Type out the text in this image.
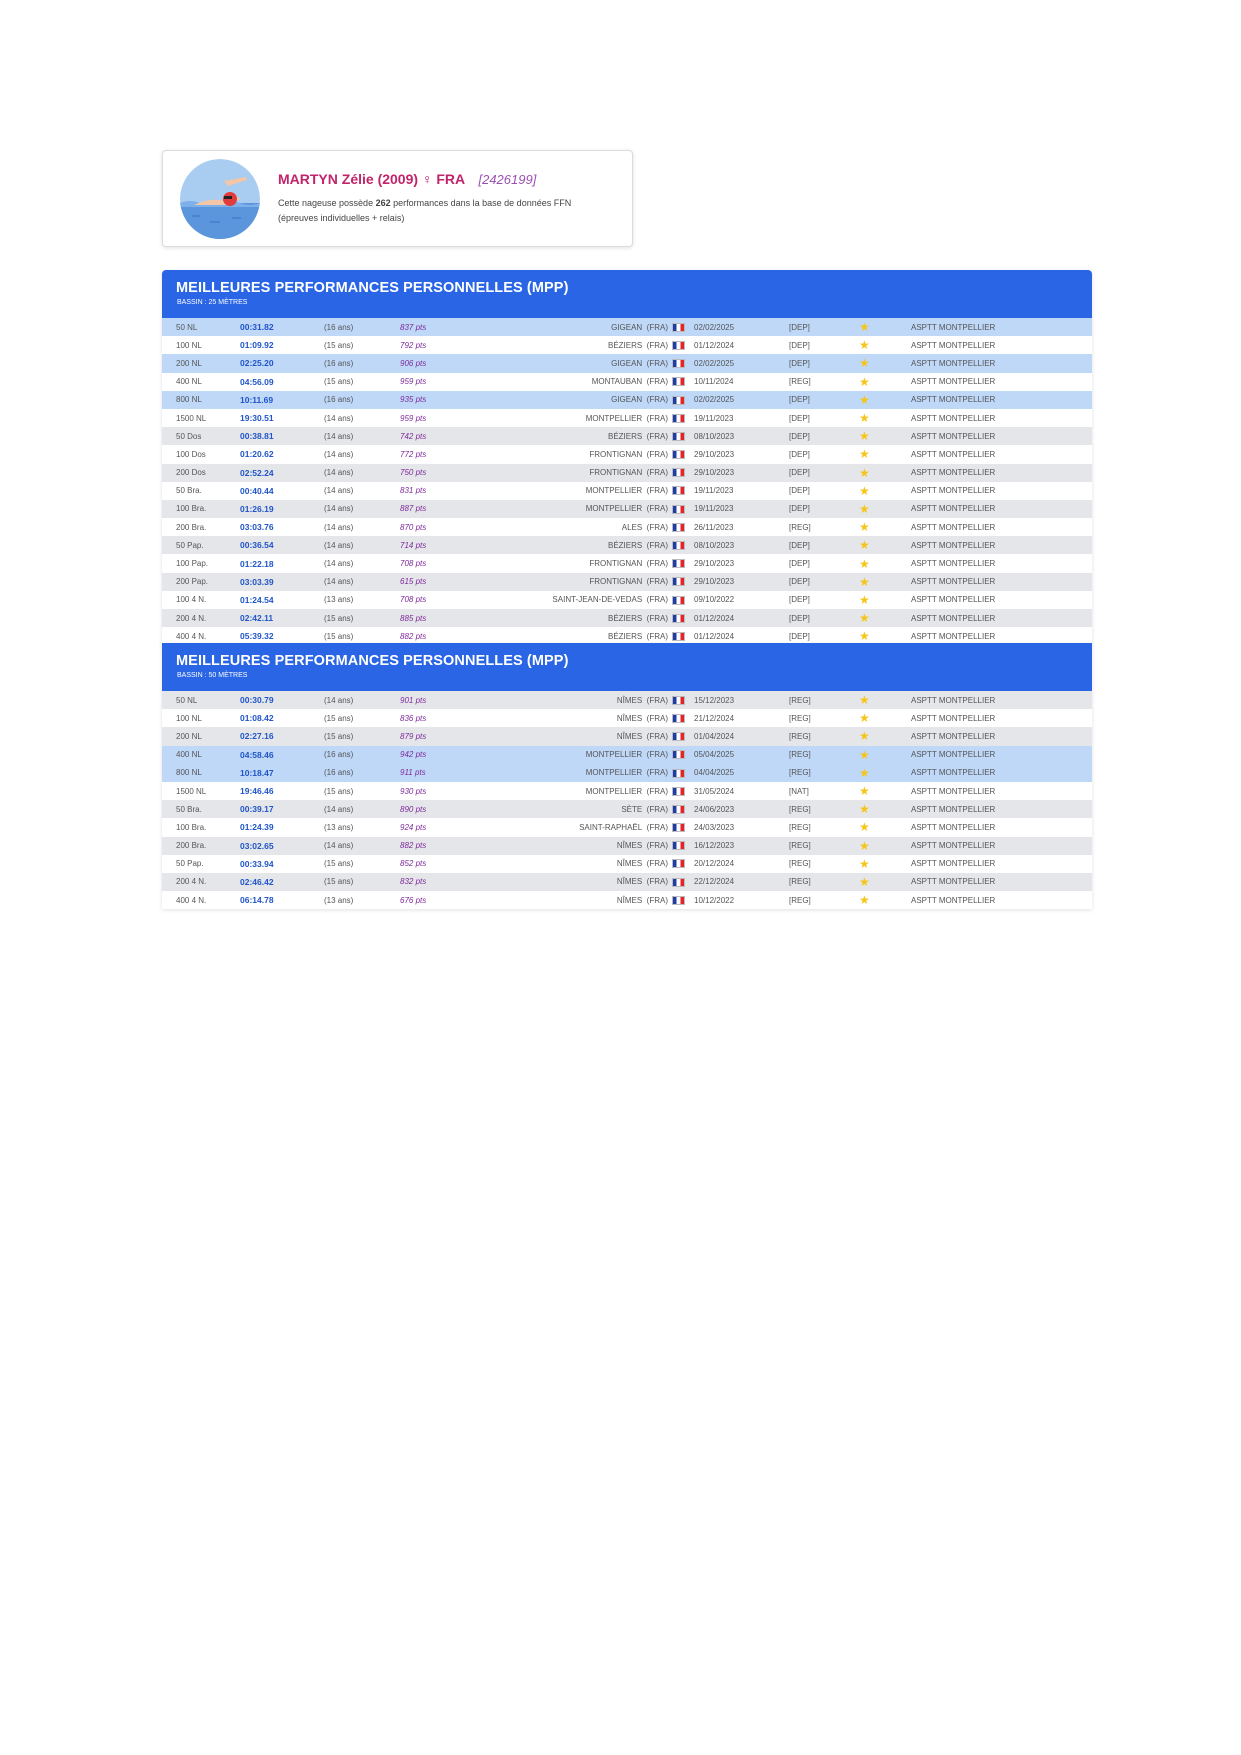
MARTYN Zélie (2009) ♀ FRA [2426199]
Cette nageuse possède 262 performances dans la base de données FFN
(épreuves individuelles + relais)
MEILLEURES PERFORMANCES PERSONNELLES (MPP)
BASSIN : 25 MÈTRES
50 NL	00:31.82	(16 ans)	837 pts	GIGEAN (FRA)		02/02/2025	[DEP]	★	ASPTT MONTPELLIER
100 NL	01:09.92	(15 ans)	792 pts	BÉZIERS (FRA)		01/12/2024	[DEP]	★	ASPTT MONTPELLIER
200 NL	02:25.20	(16 ans)	906 pts	GIGEAN (FRA)		02/02/2025	[DEP]	★	ASPTT MONTPELLIER
400 NL	04:56.09	(15 ans)	959 pts	MONTAUBAN (FRA)		10/11/2024	[REG]	★	ASPTT MONTPELLIER
800 NL	10:11.69	(16 ans)	935 pts	GIGEAN (FRA)		02/02/2025	[DEP]	★	ASPTT MONTPELLIER
1500 NL	19:30.51	(14 ans)	959 pts	MONTPELLIER (FRA)		19/11/2023	[DEP]	★	ASPTT MONTPELLIER
50 Dos	00:38.81	(14 ans)	742 pts	BÉZIERS (FRA)		08/10/2023	[DEP]	★	ASPTT MONTPELLIER
100 Dos	01:20.62	(14 ans)	772 pts	FRONTIGNAN (FRA)		29/10/2023	[DEP]	★	ASPTT MONTPELLIER
200 Dos	02:52.24	(14 ans)	750 pts	FRONTIGNAN (FRA)		29/10/2023	[DEP]	★	ASPTT MONTPELLIER
50 Bra.	00:40.44	(14 ans)	831 pts	MONTPELLIER (FRA)		19/11/2023	[DEP]	★	ASPTT MONTPELLIER
100 Bra.	01:26.19	(14 ans)	887 pts	MONTPELLIER (FRA)		19/11/2023	[DEP]	★	ASPTT MONTPELLIER
200 Bra.	03:03.76	(14 ans)	870 pts	ALES (FRA)		26/11/2023	[REG]	★	ASPTT MONTPELLIER
50 Pap.	00:36.54	(14 ans)	714 pts	BÉZIERS (FRA)		08/10/2023	[DEP]	★	ASPTT MONTPELLIER
100 Pap.	01:22.18	(14 ans)	708 pts	FRONTIGNAN (FRA)		29/10/2023	[DEP]	★	ASPTT MONTPELLIER
200 Pap.	03:03.39	(14 ans)	615 pts	FRONTIGNAN (FRA)		29/10/2023	[DEP]	★	ASPTT MONTPELLIER
100 4 N.	01:24.54	(13 ans)	708 pts	SAINT-JEAN-DE-VEDAS (FRA)		09/10/2022	[DEP]	★	ASPTT MONTPELLIER
200 4 N.	02:42.11	(15 ans)	885 pts	BÉZIERS (FRA)		01/12/2024	[DEP]	★	ASPTT MONTPELLIER
400 4 N.	05:39.32	(15 ans)	882 pts	BÉZIERS (FRA)		01/12/2024	[DEP]	★	ASPTT MONTPELLIER
MEILLEURES PERFORMANCES PERSONNELLES (MPP)
BASSIN : 50 MÈTRES
50 NL	00:30.79	(14 ans)	901 pts	NÎMES (FRA)		15/12/2023	[REG]	★	ASPTT MONTPELLIER
100 NL	01:08.42	(15 ans)	836 pts	NÎMES (FRA)		21/12/2024	[REG]	★	ASPTT MONTPELLIER
200 NL	02:27.16	(15 ans)	879 pts	NÎMES (FRA)		01/04/2024	[REG]	★	ASPTT MONTPELLIER
400 NL	04:58.46	(16 ans)	942 pts	MONTPELLIER (FRA)		05/04/2025	[REG]	★	ASPTT MONTPELLIER
800 NL	10:18.47	(16 ans)	911 pts	MONTPELLIER (FRA)		04/04/2025	[REG]	★	ASPTT MONTPELLIER
1500 NL	19:46.46	(15 ans)	930 pts	MONTPELLIER (FRA)		31/05/2024	[NAT]	★	ASPTT MONTPELLIER
50 Bra.	00:39.17	(14 ans)	890 pts	SÈTE (FRA)		24/06/2023	[REG]	★	ASPTT MONTPELLIER
100 Bra.	01:24.39	(13 ans)	924 pts	SAINT-RAPHAËL (FRA)		24/03/2023	[REG]	★	ASPTT MONTPELLIER
200 Bra.	03:02.65	(14 ans)	882 pts	NÎMES (FRA)		16/12/2023	[REG]	★	ASPTT MONTPELLIER
50 Pap.	00:33.94	(15 ans)	852 pts	NÎMES (FRA)		20/12/2024	[REG]	★	ASPTT MONTPELLIER
200 4 N.	02:46.42	(15 ans)	832 pts	NÎMES (FRA)		22/12/2024	[REG]	★	ASPTT MONTPELLIER
400 4 N.	06:14.78	(13 ans)	676 pts	NÎMES (FRA)		10/12/2022	[REG]	★	ASPTT MONTPELLIER
